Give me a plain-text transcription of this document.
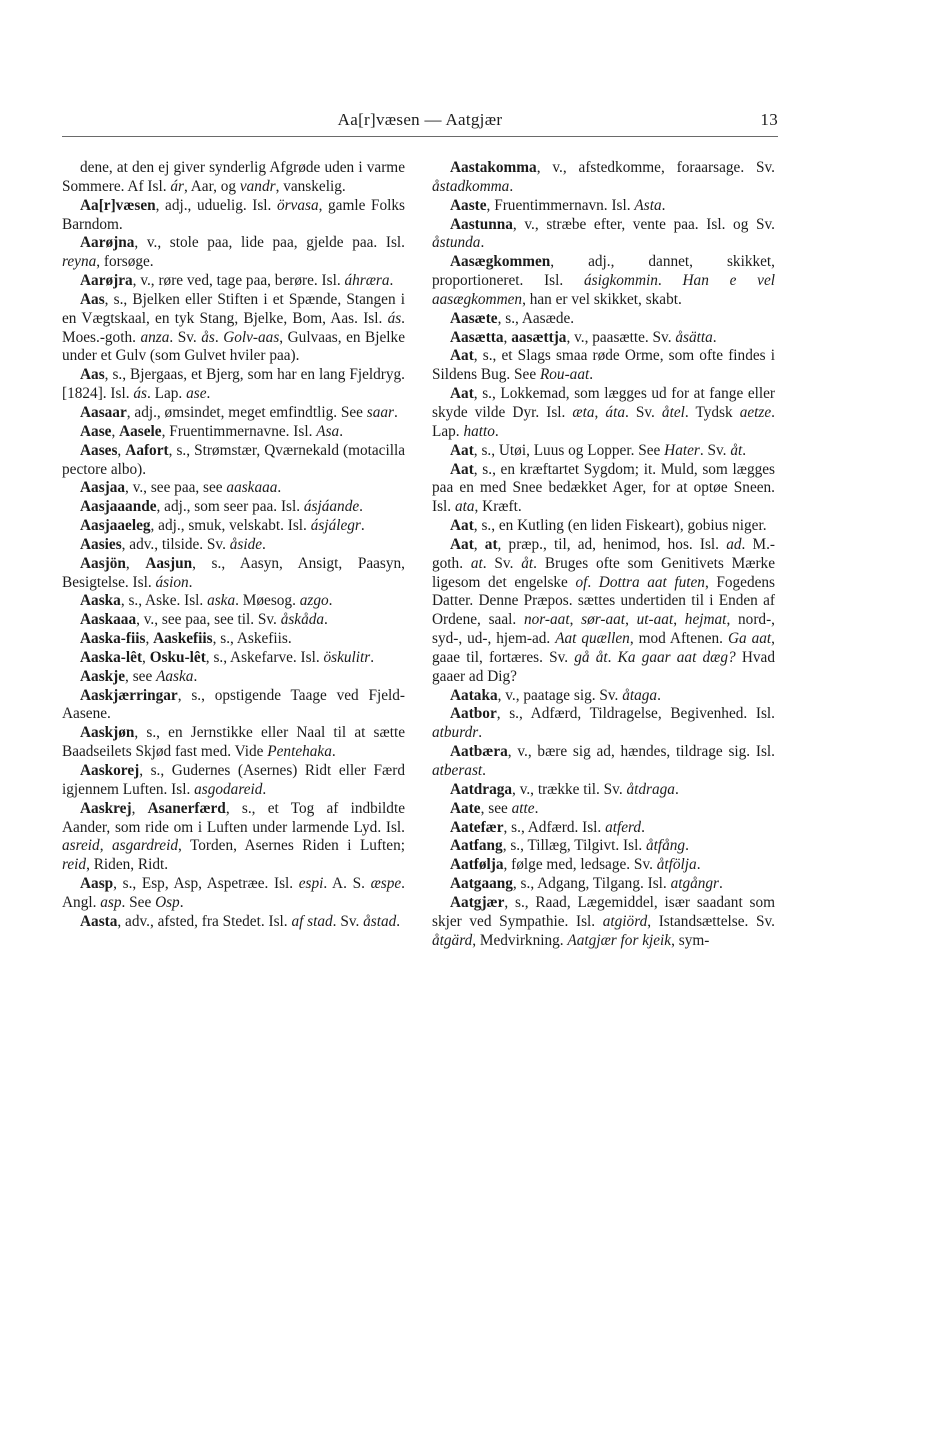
Aa[r]væsen — Aatgjær	13

dene, at den ej giver synderlig Afgrøde uden i varme Sommere. Af Isl. ár, Aar, og vandr, vanskelig.

Aa[r]væsen, adj., uduelig. Isl. örvasa, gamle Folks Barndom.

Aarøjna, v., stole paa, lide paa, gjelde paa. Isl. reyna, forsøge.

Aarøjra, v., røre ved, tage paa, berøre. Isl. áhræra.

Aas, s., Bjelken eller Stiften i et Spænde, Stangen i en Vægtskaal, en tyk Stang, Bjelke, Bom, Aas. Isl. ás. Moes.-goth. anza. Sv. ås. Golv-aas, Gulvaas, en Bjelke under et Gulv (som Gulvet hviler paa).

Aas, s., Bjergaas, et Bjerg, som har en lang Fjeldryg. [1824]. Isl. ás. Lap. ase.

Aasaar, adj., ømsindet, meget emfindtlig. See saar.

Aase, Aasele, Fruentimmernavne. Isl. Asa.

Aases, Aafort, s., Strømstær, Qværnekald (motacilla pectore albo).

Aasjaa, v., see paa, see aaskaaa.

Aasjaaande, adj., som seer paa. Isl. ásjáande.

Aasjaaeleg, adj., smuk, velskabt. Isl. ásjálegr.

Aasies, adv., tilside. Sv. åside.

Aasjön, Aasjun, s., Aasyn, Ansigt, Paasyn, Besigtelse. Isl. ásion.

Aaska, s., Aske. Isl. aska. Møesog. azgo.

Aaskaaa, v., see paa, see til. Sv. åskåda.

Aaska-fiis, Aaskefiis, s., Askefiis.

Aaska-lêt, Osku-lêt, s., Askefarve. Isl. öskulitr.

Aaskje, see Aaska.

Aaskjærringar, s., opstigende Taage ved Fjeld-Aasene.

Aaskjøn, s., en Jernstikke eller Naal til at sætte Baadseilets Skjød fast med. Vide Pentehaka.

Aaskorej, s., Gudernes (Asernes) Ridt eller Færd igjennem Luften. Isl. asgodareid.

Aaskrej, Asanerfærd, s., et Tog af indbildte Aander, som ride om i Luften under larmende Lyd. Isl. asreid, asgardreid, Torden, Asernes Riden i Luften; reid, Riden, Ridt.

Aasp, s., Esp, Asp, Aspetræe. Isl. espi. A. S. æspe. Angl. asp. See Osp.

Aasta, adv., afsted, fra Stedet. Isl. af stad. Sv. åstad.

Aastakomma, v., afstedkomme, foraarsage. Sv. åstadkomma.

Aaste, Fruentimmernavn. Isl. Asta.

Aastunna, v., stræbe efter, vente paa. Isl. og Sv. åstunda.

Aasægkommen, adj., dannet, skikket, proportioneret. Isl. ásigkommin. Han e vel aasægkommen, han er vel skikket, skabt.

Aasæte, s., Aasæde.

Aasætta, aasættja, v., paasætte. Sv. åsätta.

Aat, s., et Slags smaa røde Orme, som ofte findes i Sildens Bug. See Rou-aat.

Aat, s., Lokkemad, som lægges ud for at fange eller skyde vilde Dyr. Isl. æta, áta. Sv. åtel. Tydsk aetze. Lap. hatto.

Aat, s., Utøi, Luus og Lopper. See Hater. Sv. åt.

Aat, s., en kræftartet Sygdom; it. Muld, som lægges paa en med Snee bedækket Ager, for at optøe Sneen. Isl. ata, Kræft.

Aat, s., en Kutling (en liden Fiskeart), gobius niger.

Aat, at, præp., til, ad, henimod, hos. Isl. ad. M.-goth. at. Sv. åt. Bruges ofte som Genitivets Mærke ligesom det engelske of. Dottra aat futen, Fogedens Datter. Denne Præpos. sættes undertiden til i Enden af Ordene, saal. nor-aat, sør-aat, ut-aat, hejmat, nord-, syd-, ud-, hjem-ad. Aat quællen, mod Aftenen. Ga aat, gaae til, fortæres. Sv. gå åt. Ka gaar aat dæg? Hvad gaaer ad Dig?

Aataka, v., paatage sig. Sv. åtaga.

Aatbor, s., Adfærd, Tildragelse, Begivenhed. Isl. atburdr.

Aatbæra, v., bære sig ad, hændes, tildrage sig. Isl. atberast.

Aatdraga, v., trække til. Sv. åtdraga.

Aate, see atte.

Aatefær, s., Adfærd. Isl. atferd.

Aatfang, s., Tillæg, Tilgivt. Isl. åtfång.

Aatfølja, følge med, ledsage. Sv. åtfölja.

Aatgaang, s., Adgang, Tilgang. Isl. atgångr.

Aatgjær, s., Raad, Lægemiddel, især saadant som skjer ved Sympathie. Isl. atgiörd, Istandsættelse. Sv. åtgärd, Medvirkning. Aatgjær for kjeik, sym-
